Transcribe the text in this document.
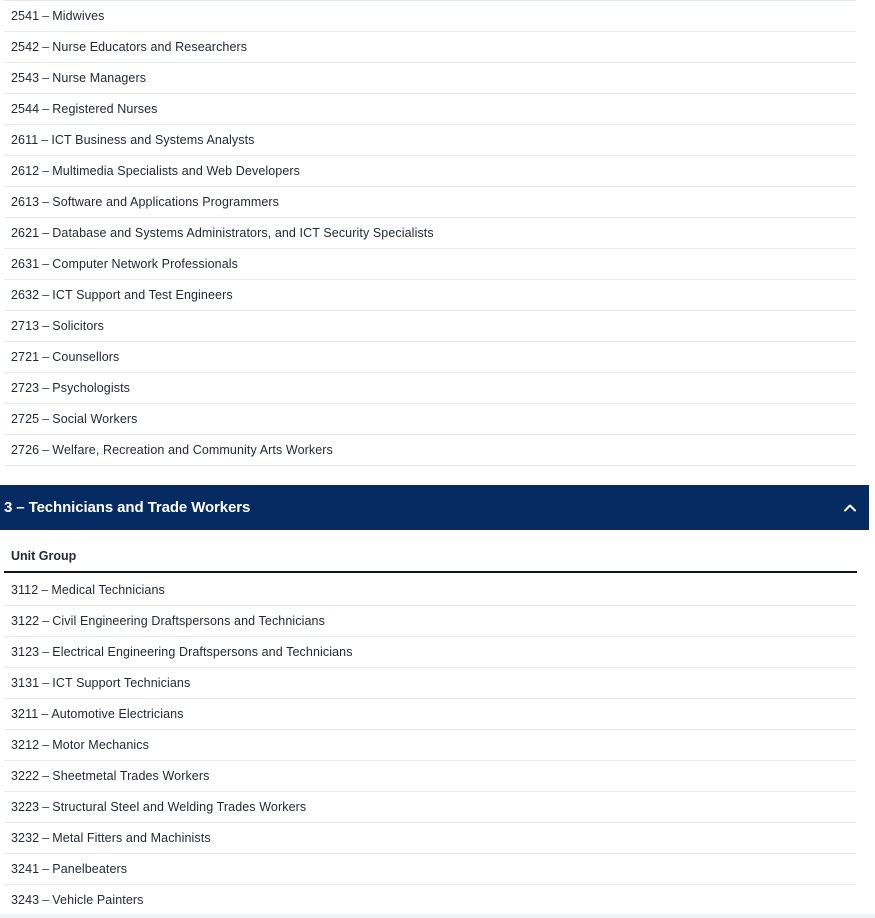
2541 – Midwives
2542 – Nurse Educators and Researchers
2543 – Nurse Managers
2544 – Registered Nurses
2611 – ICT Business and Systems Analysts
2612 – Multimedia Specialists and Web Developers
2613 – Software and Applications Programmers
2621 – Database and Systems Administrators, and ICT Security Specialists
2631 – Computer Network Professionals
2632 – ICT Support and Test Engineers
2713 – Solicitors
2721 – Counsellors
2723 – Psychologists
2725 – Social Workers
2726 – Welfare, Recreation and Community Arts Workers
3 – Technicians and Trade Workers
Unit Group
3112 – Medical Technicians
3122 – Civil Engineering Draftspersons and Technicians
3123 – Electrical Engineering Draftspersons and Technicians
3131 – ICT Support Technicians
3211 – Automotive Electricians
3212 – Motor Mechanics
3222 – Sheetmetal Trades Workers
3223 – Structural Steel and Welding Trades Workers
3232 – Metal Fitters and Machinists
3241 – Panelbeaters
3243 – Vehicle Painters
